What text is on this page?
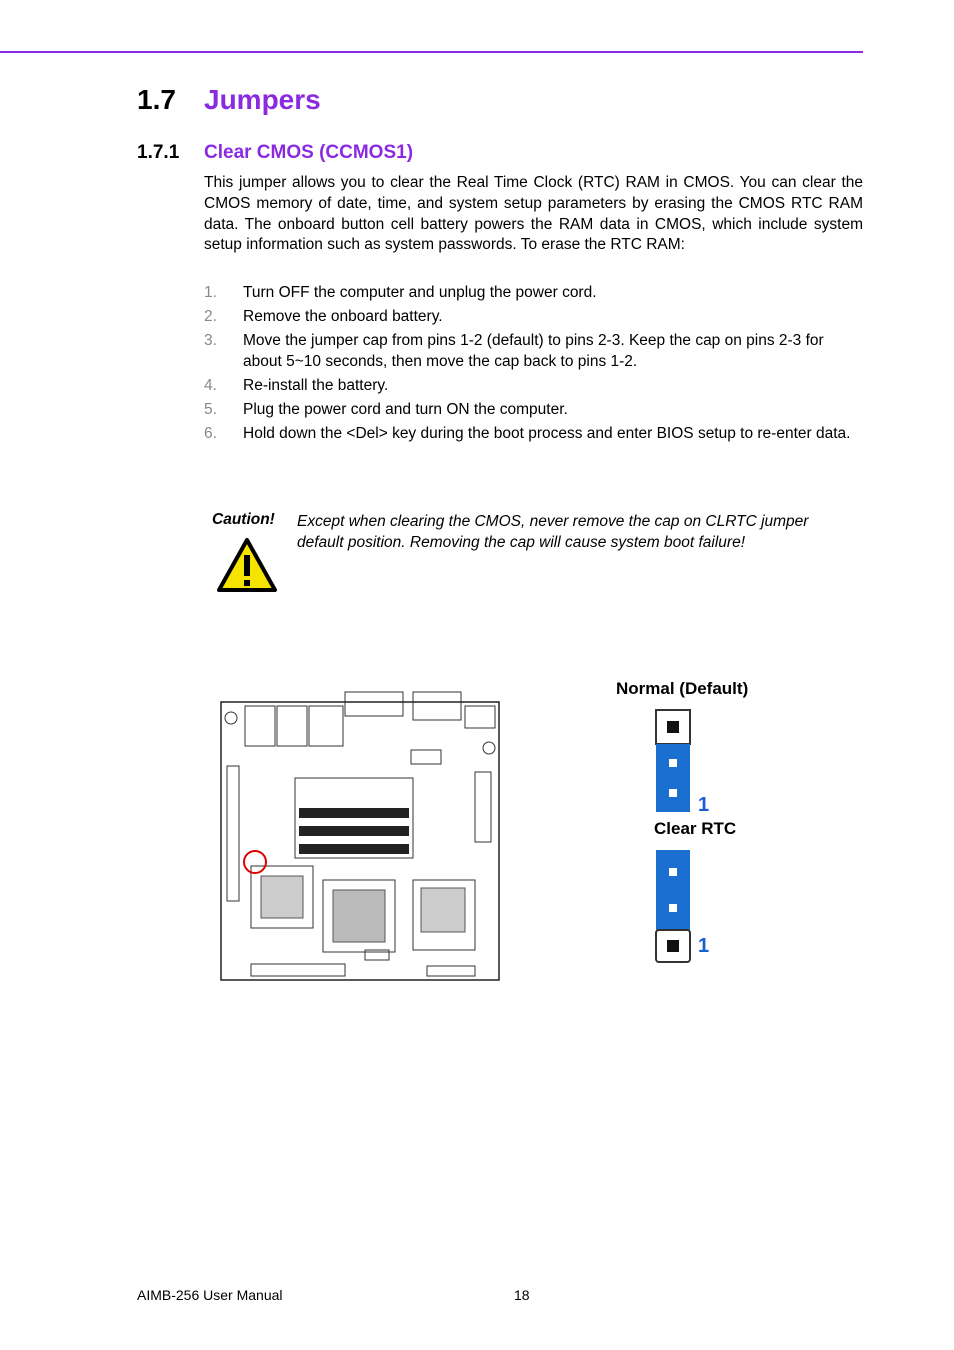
1.7 Jumpers
1.7.1 Clear CMOS (CCMOS1)

This jumper allows you to clear the Real Time Clock (RTC) RAM in CMOS. You can clear the CMOS memory of date, time, and system setup parameters by erasing the CMOS RTC RAM data. The onboard button cell battery powers the RAM data in CMOS, which include system setup information such as system passwords. To erase the RTC RAM:

1. Turn OFF the computer and unplug the power cord.
2. Remove the onboard battery.
3. Move the jumper cap from pins 1-2 (default) to pins 2-3. Keep the cap on pins 2-3 for about 5~10 seconds, then move the cap back to pins 1-2.
4. Re-install the battery.
5. Plug the power cord and turn ON the computer.
6. Hold down the <Del> key during the boot process and enter BIOS setup to re-enter data.
Caution! Except when clearing the CMOS, never remove the cap on CLRTC jumper default position. Removing the cap will cause system boot failure!

Normal (Default)
1
Clear RTC
1
AIMB-256 User Manual	18
